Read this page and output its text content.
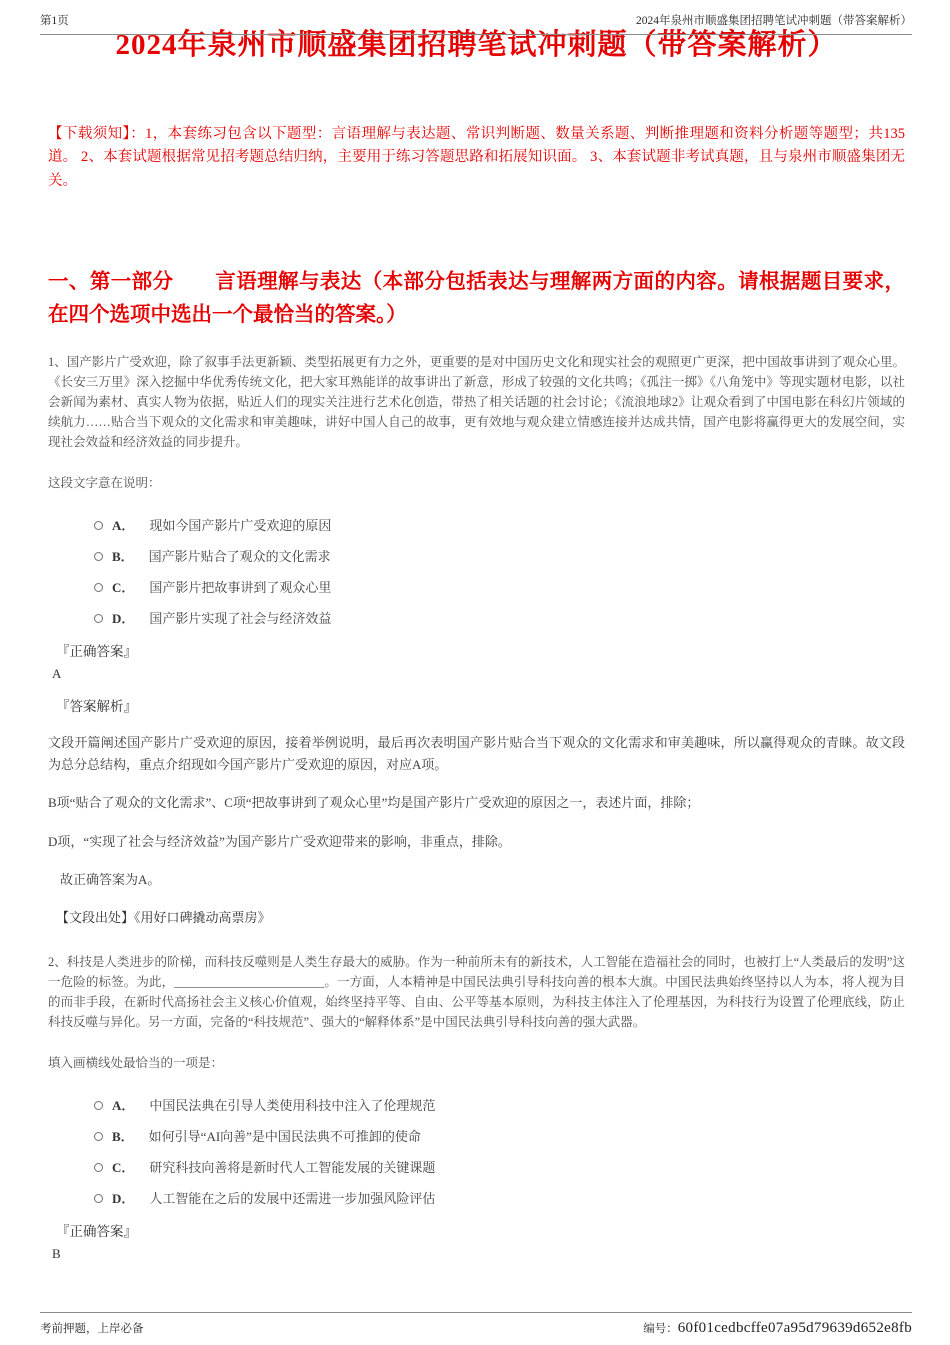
第1页	2024年泉州市顺盛集团招聘笔试冲刺题（带答案解析）
2024年泉州市顺盛集团招聘笔试冲刺题（带答案解析）

【下载须知】：1，本套练习包含以下题型：言语理解与表达题、常识判断题、数量关系题、判断推理题和资料分析题等题型；共135道。 2、本套试题根据常见招考题总结归纳，主要用于练习答题思路和拓展知识面。 3、本套试题非考试真题，且与泉州市顺盛集团无关。

一、第一部分　　言语理解与表达（本部分包括表达与理解两方面的内容。请根据题目要求，在四个选项中选出一个最恰当的答案。）

1、国产影片广受欢迎，除了叙事手法更新颖、类型拓展更有力之外，更重要的是对中国历史文化和现实社会的观照更广更深，把中国故事讲到了观众心里。《长安三万里》深入挖掘中华优秀传统文化，把大家耳熟能详的故事讲出了新意，形成了较强的文化共鸣；《孤注一掷》《八角笼中》等现实题材电影，以社会新闻为素材、真实人物为依据，贴近人们的现实关注进行艺术化创造，带热了相关话题的社会讨论；《流浪地球2》让观众看到了中国电影在科幻片领域的续航力……贴合当下观众的文化需求和审美趣味，讲好中国人自己的故事，更有效地与观众建立情感连接并达成共情，国产电影将赢得更大的发展空间，实现社会效益和经济效益的同步提升。

这段文字意在说明：

A． 现如今国产影片广受欢迎的原因
B． 国产影片贴合了观众的文化需求
C． 国产影片把故事讲到了观众心里
D． 国产影片实现了社会与经济效益

『正确答案』

A

『答案解析』

文段开篇阐述国产影片广受欢迎的原因，接着举例说明，最后再次表明国产影片贴合当下观众的文化需求和审美趣味，所以赢得观众的青睐。故文段为总分总结构，重点介绍现如今国产影片广受欢迎的原因，对应A项。

B项“贴合了观众的文化需求”、C项“把故事讲到了观众心里”均是国产影片广受欢迎的原因之一，表述片面，排除；

D项，“实现了社会与经济效益”为国产影片广受欢迎带来的影响，非重点，排除。

故正确答案为A。

【文段出处】《用好口碑撬动高票房》

2、科技是人类进步的阶梯，而科技反噬则是人类生存最大的威胁。作为一种前所未有的新技术，人工智能在造福社会的同时，也被打上“人类最后的发明”这一危险的标签。为此，________________________。一方面，人本精神是中国民法典引导科技向善的根本大旗。中国民法典始终坚持以人为本，将人视为目的而非手段，在新时代高扬社会主义核心价值观，始终坚持平等、自由、公平等基本原则，为科技主体注入了伦理基因，为科技行为设置了伦理底线，防止科技反噬与异化。另一方面，完备的“科技规范”、强大的“解释体系”是中国民法典引导科技向善的强大武器。

填入画横线处最恰当的一项是：

A． 中国民法典在引导人类使用科技中注入了伦理规范
B． 如何引导“AI向善”是中国民法典不可推卸的使命
C． 研究科技向善将是新时代人工智能发展的关键课题
D． 人工智能在之后的发展中还需进一步加强风险评估

『正确答案』

B

考前押题，上岸必备	编号： 60f01cedbcffe07a95d79639d652e8fb
